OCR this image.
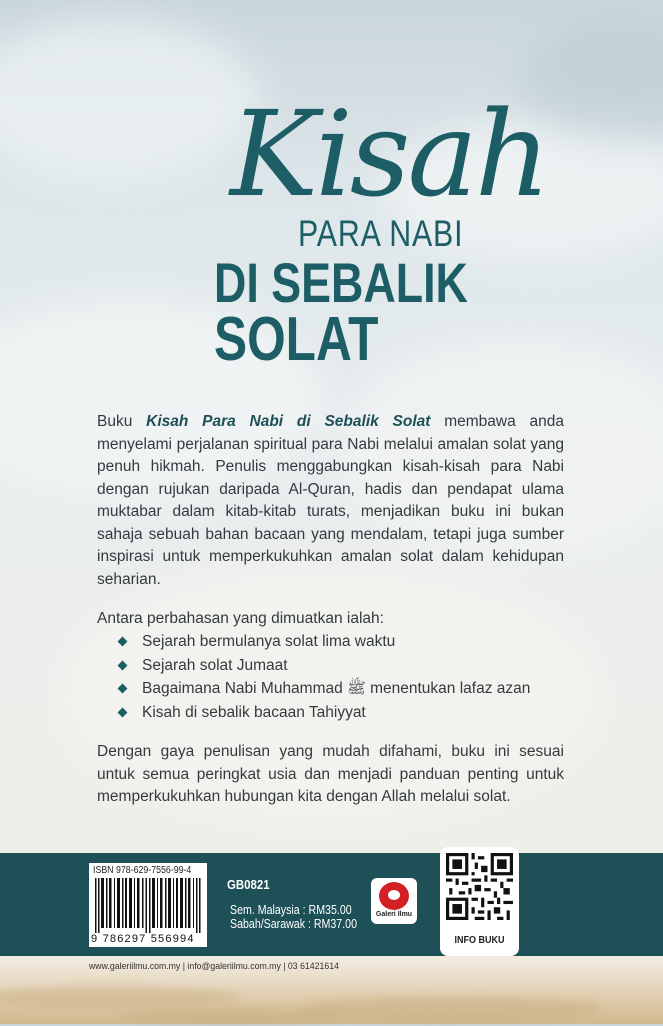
Kisah
PARA NABI
DI SEBALIK
SOLAT
Buku Kisah Para Nabi di Sebalik Solat membawa anda menyelami perjalanan spiritual para Nabi melalui amalan solat yang penuh hikmah. Penulis menggabungkan kisah-kisah para Nabi dengan rujukan daripada Al-Quran, hadis dan pendapat ulama muktabar dalam kitab-kitab turats, menjadikan buku ini bukan sahaja sebuah bahan bacaan yang mendalam, tetapi juga sumber inspirasi untuk memperkukuhkan amalan solat dalam kehidupan seharian.
Antara perbahasan yang dimuatkan ialah:
Sejarah bermulanya solat lima waktu
Sejarah solat Jumaat
Bagaimana Nabi Muhammad ﷺ menentukan lafaz azan
Kisah di sebalik bacaan Tahiyyat
Dengan gaya penulisan yang mudah difahami, buku ini sesuai untuk semua peringkat usia dan menjadi panduan penting untuk memperkukuhkan hubungan kita dengan Allah melalui solat.
ISBN 978-629-7556-99-4
9 786297 556994
GB0821
Sem. Malaysia : RM35.00
Sabah/Sarawak : RM37.00
Galeri Ilmu
INFO BUKU
www.galeriilmu.com.my | info@galeriilmu.com.my | 03 61421614
